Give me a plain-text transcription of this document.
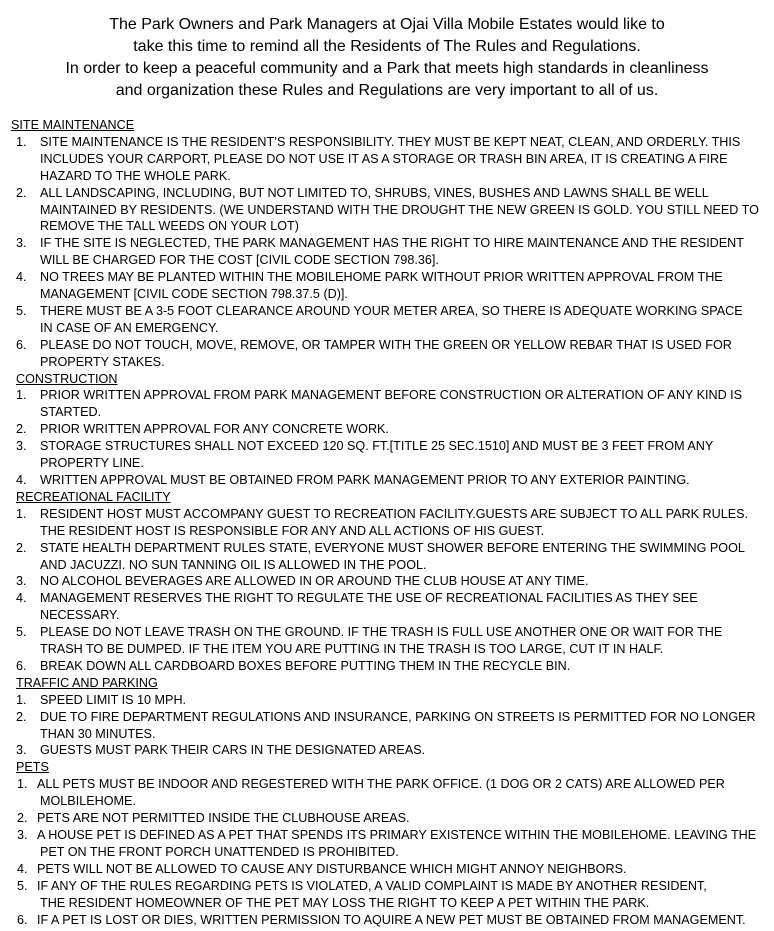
The Park Owners and Park Managers at Ojai Villa Mobile Estates would like to
take this time to remind all the Residents of The Rules and Regulations.
In order to keep a peaceful community and a Park that meets high standards in cleanliness
and organization these Rules and Regulations are very important to all of us.
SITE MAINTENANCE
1.	SITE MAINTENANCE IS THE RESIDENT’S RESPONSIBILITY. THEY MUST BE KEPT NEAT, CLEAN, AND ORDERLY. THIS
INCLUDES YOUR CARPORT, PLEASE DO NOT USE IT AS A STORAGE OR TRASH BIN AREA, IT IS CREATING A FIRE
HAZARD TO THE WHOLE PARK.
2.	ALL LANDSCAPING, INCLUDING, BUT NOT LIMITED TO, SHRUBS, VINES, BUSHES AND LAWNS SHALL BE WELL
MAINTAINED BY RESIDENTS. (WE UNDERSTAND WITH THE DROUGHT THE NEW GREEN IS GOLD. YOU STILL NEED TO
REMOVE THE TALL WEEDS ON YOUR LOT)
3.	IF THE SITE IS NEGLECTED, THE PARK MANAGEMENT HAS THE RIGHT TO HIRE MAINTENANCE AND THE RESIDENT
WILL BE CHARGED FOR THE COST [CIVIL CODE SECTION 798.36].
4.	NO TREES MAY BE PLANTED WITHIN THE MOBILEHOME PARK WITHOUT PRIOR WRITTEN APPROVAL FROM THE
MANAGEMENT [CIVIL CODE SECTION 798.37.5 (D)].
5.	THERE MUST BE A 3-5 FOOT CLEARANCE AROUND YOUR METER AREA, SO THERE IS ADEQUATE WORKING SPACE
IN CASE OF AN EMERGENCY.
6.	PLEASE DO NOT TOUCH, MOVE, REMOVE, OR TAMPER WITH THE GREEN OR YELLOW REBAR THAT IS USED FOR
PROPERTY STAKES.
CONSTRUCTION
1.	PRIOR WRITTEN APPROVAL FROM PARK MANAGEMENT BEFORE CONSTRUCTION OR ALTERATION OF ANY KIND IS
STARTED.
2.	PRIOR WRITTEN APPROVAL FOR ANY CONCRETE WORK.
3.	STORAGE STRUCTURES SHALL NOT EXCEED 120 SQ. FT.[TITLE 25 SEC.1510] AND MUST BE 3 FEET FROM ANY
PROPERTY LINE.
4.	WRITTEN APPROVAL MUST BE OBTAINED FROM PARK MANAGEMENT PRIOR TO ANY EXTERIOR PAINTING.
RECREATIONAL FACILITY
1.	RESIDENT HOST MUST ACCOMPANY GUEST TO RECREATION FACILITY.GUESTS ARE SUBJECT TO ALL PARK RULES.
THE RESIDENT HOST IS RESPONSIBLE FOR ANY AND ALL ACTIONS OF HIS GUEST.
2.	STATE HEALTH DEPARTMENT RULES STATE, EVERYONE MUST SHOWER BEFORE ENTERING THE SWIMMING POOL
AND JACUZZI. NO SUN TANNING OIL IS ALLOWED IN THE POOL.
3.	NO ALCOHOL BEVERAGES ARE ALLOWED IN OR AROUND THE CLUB HOUSE AT ANY TIME.
4.	MANAGEMENT RESERVES THE RIGHT TO REGULATE THE USE OF RECREATIONAL FACILITIES AS THEY SEE
NECESSARY.
5.	PLEASE DO NOT LEAVE TRASH ON THE GROUND. IF THE TRASH IS FULL USE ANOTHER ONE OR WAIT FOR THE
TRASH TO BE DUMPED. IF THE ITEM YOU ARE PUTTING IN THE TRASH IS TOO LARGE, CUT IT IN HALF.
6.	BREAK DOWN ALL CARDBOARD BOXES BEFORE PUTTING THEM IN THE RECYCLE BIN.
TRAFFIC AND PARKING
1.	SPEED LIMIT IS 10 MPH.
2.	DUE TO FIRE DEPARTMENT REGULATIONS AND INSURANCE, PARKING ON STREETS IS PERMITTED FOR NO LONGER
THAN 30 MINUTES.
3.	GUESTS MUST PARK THEIR CARS IN THE DESIGNATED AREAS.
PETS
1. ALL PETS MUST BE INDOOR AND REGESTERED WITH THE PARK OFFICE. (1 DOG OR 2 CATS) ARE ALLOWED PER
MOLBILEHOME.
2. PETS ARE NOT PERMITTED INSIDE THE CLUBHOUSE AREAS.
3. A HOUSE PET IS DEFINED AS A PET THAT SPENDS ITS PRIMARY EXISTENCE WITHIN THE MOBILEHOME. LEAVING THE
PET ON THE FRONT PORCH UNATTENDED IS PROHIBITED.
4. PETS WILL NOT BE ALLOWED TO CAUSE ANY DISTURBANCE WHICH MIGHT ANNOY NEIGHBORS.
5. IF ANY OF THE RULES REGARDING PETS IS VIOLATED, A VALID COMPLAINT IS MADE BY ANOTHER RESIDENT,
THE RESIDENT HOMEOWNER OF THE PET MAY LOSS THE RIGHT TO KEEP A PET WITHIN THE PARK.
6. IF A PET IS LOST OR DIES, WRITTEN PERMISSION TO AQUIRE A NEW PET MUST BE OBTAINED FROM MANAGEMENT.
